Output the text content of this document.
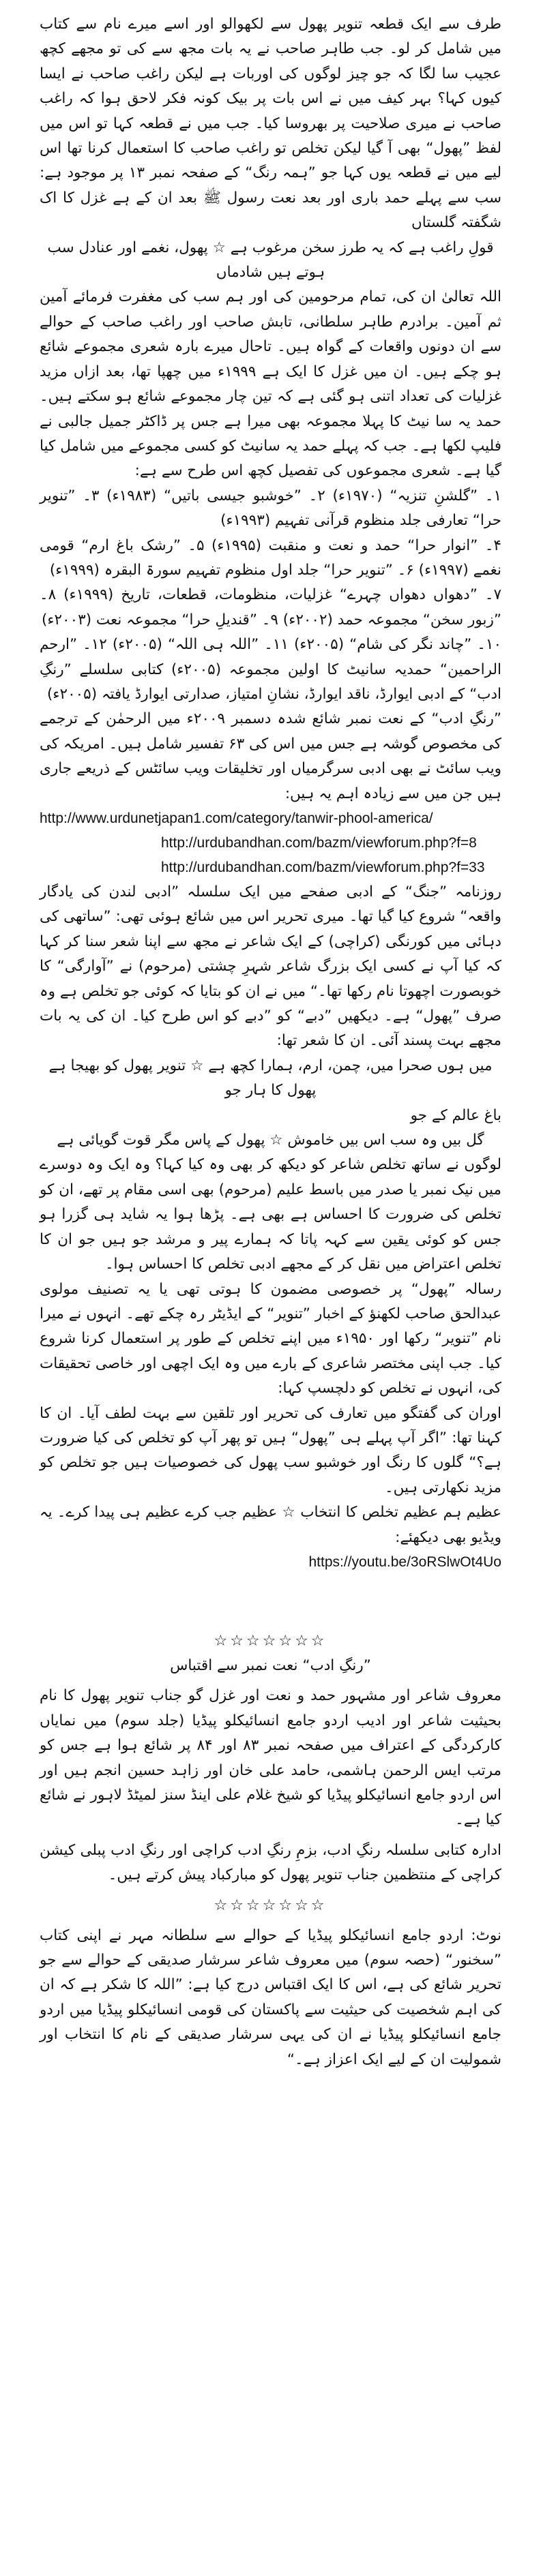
طرف سے ایک قطعہ تنویر پھول سے لکھوالو اور اسے میرے نام سے کتاب میں شامل کر لو۔ جب طاہر صاحب نے یہ بات مجھ سے کی تو مجھے کچھ عجیب سا لگا کہ جو چیز لوگوں کی اوربات ہے لیکن راغب صاحب نے ایسا کیوں کہا؟ بہر کیف میں نے اس بات پر بیک کونہ فکر لاحق ہوا کہ راغب صاحب نے میری صلاحیت پر بھروسا کیا۔ جب میں نے قطعہ کہا تو اس میں لفظ ”پھول“ بھی آ گیا لیکن تخلص تو راغب صاحب کا استعمال کرنا تھا اس لیے میں نے قطعہ یوں کہا جو ”ہمہ رنگ“ کے صفحہ نمبر ۱۳ پر موجود ہے: سب سے پہلے حمد باری اور بعد نعت رسول ﷺ بعد ان کے ہے غزل کا اک شگفتہ گلستاں

قولِ راغب ہے کہ یہ طرز سخن مرغوب ہے ☆ پھول، نغمے اور عنادل سب ہوتے ہیں شادماں

اللہ تعالیٰ ان کی، تمام مرحومین کی اور ہم سب کی مغفرت فرمائے آمین ثم آمین۔ برادرم طاہر سلطانی، تابش صاحب اور راغب صاحب کے حوالے سے ان دونوں واقعات کے گواہ ہیں۔ تاحال میرے بارہ شعری مجموعے شائع ہو چکے ہیں۔ ان میں غزل کا ایک ہے ۱۹۹۹ء میں چھپا تھا، بعد ازاں مزید غزلیات کی تعداد اتنی ہو گئی ہے کہ تین چار مجموعے شائع ہو سکتے ہیں۔ حمد یہ سا نیٹ کا پہلا مجموعہ بھی میرا ہے جس پر ڈاکٹر جمیل جالبی نے فلیپ لکھا ہے۔ جب کہ پہلے حمد یہ سانیٹ کو کسی مجموعے میں شامل کیا گیا ہے۔ شعری مجموعوں کی تفصیل کچھ اس طرح سے ہے:

۱۔ ”گلشنِ تنزیہ“ (۱۹۷۰ء) ۲۔ ”خوشبو جیسی باتیں“ (۱۹۸۳ء) ۳۔ ”تنویر حرا“ تعارفی جلد منظوم قرآنی تفہیم (۱۹۹۳ء)

۴۔ ”انوار حرا“ حمد و نعت و منقبت (۱۹۹۵ء) ۵۔ ”رشک باغ ارم“ قومی نغمے (۱۹۹۷ء) ۶۔ ”تنویر حرا“ جلد اول منظوم تفہیم سورۃ البقرہ (۱۹۹۹ء)

۷۔ ”دھواں دھواں چہرے“ غزلیات، منظومات، قطعات، تاریخ (۱۹۹۹ء) ۸۔ ”زبور سخن“ مجموعہ حمد (۲۰۰۲ء) ۹۔ ”قندیلِ حرا“ مجموعہ نعت (۲۰۰۳ء)

۱۰۔ ”چاند نگر کی شام“ (۲۰۰۵ء) ۱۱۔ ”اللہ ہی اللہ“ (۲۰۰۵ء) ۱۲۔ ”ارحم الراحمین“ حمدیہ سانیٹ کا اولین مجموعہ (۲۰۰۵ء) کتابی سلسلے ”رنگِ ادب“ کے ادبی ایوارڈ، ناقد ایوارڈ، نشانِ امتیاز، صدارتی ایوارڈ یافتہ (۲۰۰۵ء)

”رنگِ ادب“ کے نعت نمبر شائع شدہ دسمبر ۲۰۰۹ء میں الرحمٰن کے ترجمے کی مخصوص گوشہ ہے جس میں اس کی ۶۳ تفسیر شامل ہیں۔ امریکہ کی ویب سائٹ نے بھی ادبی سرگرمیاں اور تخلیقات ویب سائٹس کے ذریعے جاری ہیں جن میں سے زیادہ اہم یہ ہیں:

http://www.urdunetjapan1.com/category/tanwir-phool-america/

http://urdubandhan.com/bazm/viewforum.php?f=8

http://urdubandhan.com/bazm/viewforum.php?f=33

روزنامہ ”جنگ“ کے ادبی صفحے میں ایک سلسلہ ”ادبی لندن کی یادگار واقعہ“ شروع کیا گیا تھا۔ میری تحریر اس میں شائع ہوئی تھی: ”ساتھی کی دہائی میں کورنگی (کراچی) کے ایک شاعر نے مجھ سے اپنا شعر سنا کر کہا کہ کیا آپ نے کسی ایک بزرگ شاعر شہرِ چشتی (مرحوم) نے ”آوارگی“ کا خوبصورت اچھوتا نام رکھا تھا۔“ میں نے ان کو بتایا کہ کوئی جو تخلص ہے وہ صرف ”پھول“ ہے۔ دیکھیں ”دبے“ کو ”دبے کو اس طرح کیا۔ ان کی یہ بات مجھے بہت پسند آئی۔ ان کا شعر تھا:

میں ہوں صحرا میں، چمن، ارم، ہمارا کچھ ہے ☆ تنویر پھول کو بھیجا ہے پھول کا ہار جو

باغ عالم کے جو

گل بیں وہ سب اس بیں خاموش ☆ پھول کے پاس مگر قوت گویائی ہے

لوگوں نے ساتھ تخلص شاعر کو دیکھ کر بھی وہ کیا کہا؟ وہ ایک وہ دوسرے میں نیک نمبر یا صدر میں باسط علیم (مرحوم) بھی اسی مقام پر تھے، ان کو تخلص کی ضرورت کا احساس ہے بھی ہے۔ پڑھا ہوا یہ شاید ہی گزرا ہو جس کو کوئی یقین سے کہہ پاتا کہ ہمارے پیر و مرشد جو ہیں جو ان کا تخلص اعتراض میں نقل کر کے مجھے ادبی تخلص کا احساس ہوا۔

رسالہ ”پھول“ پر خصوصی مضمون کا ہوتی تھی یا یہ تصنیف مولوی عبدالحق صاحب لکھنؤ کے اخبار ”تنویر“ کے ایڈیٹر رہ چکے تھے۔ انہوں نے میرا نام ”تنویر“ رکھا اور ۱۹۵۰ء میں اپنے تخلص کے طور پر استعمال کرنا شروع کیا۔ جب اپنی مختصر شاعری کے بارے میں وہ ایک اچھی اور خاصی تحقیقات کی، انہوں نے تخلص کو دلچسپ کہا:

اوران کی گفتگو میں تعارف کی تحریر اور تلقین سے بہت لطف آیا۔ ان کا کہنا تھا: ”اگر آپ پہلے ہی ”پھول“ ہیں تو پھر آپ کو تخلص کی کیا ضرورت ہے؟“ گلوں کا رنگ اور خوشبو سب پھول کی خصوصیات ہیں جو تخلص کو مزید نکھارتی ہیں۔

عظیم ہم عظیم تخلص کا انتخاب ☆ عظیم جب کرے عظیم ہی پیدا کرے۔ یہ ویڈیو بھی دیکھئے:

https://youtu.be/3oRSlwOt4Uo

☆☆☆☆☆☆☆

”رنگِ ادب“ نعت نمبر سے اقتباس

معروف شاعر اور مشہور حمد و نعت اور غزل گو جناب تنویر پھول کا نام بحیثیت شاعر اور ادیب اردو جامع انسائیکلو پیڈیا (جلد سوم) میں نمایاں کارکردگی کے اعتراف میں صفحہ نمبر ۸۳ اور ۸۴ پر شائع ہوا ہے جس کو مرتب ایس الرحمن ہاشمی، حامد علی خان اور زاہد حسین انجم ہیں اور اس اردو جامع انسائیکلو پیڈیا کو شیخ غلام علی اینڈ سنز لمیٹڈ لاہور نے شائع کیا ہے۔

ادارہ کتابی سلسلہ رنگِ ادب، بزمِ رنگِ ادب کراچی اور رنگِ ادب پبلی کیشن کراچی کے منتظمین جناب تنویر پھول کو مبارکباد پیش کرتے ہیں۔

☆☆☆☆☆☆☆

نوٹ: اردو جامع انسائیکلو پیڈیا کے حوالے سے سلطانہ مہر نے اپنی کتاب ”سخنور“ (حصہ سوم) میں معروف شاعر سرشار صدیقی کے حوالے سے جو تحریر شائع کی ہے، اس کا ایک اقتباس درج کیا ہے: ”اللہ کا شکر ہے کہ ان کی اہم شخصیت کی حیثیت سے پاکستان کی قومی انسائیکلو پیڈیا میں اردو جامع انسائیکلو پیڈیا نے ان کی یہی سرشار صدیقی کے نام کا انتخاب اور شمولیت ان کے لیے ایک اعزاز ہے۔“
